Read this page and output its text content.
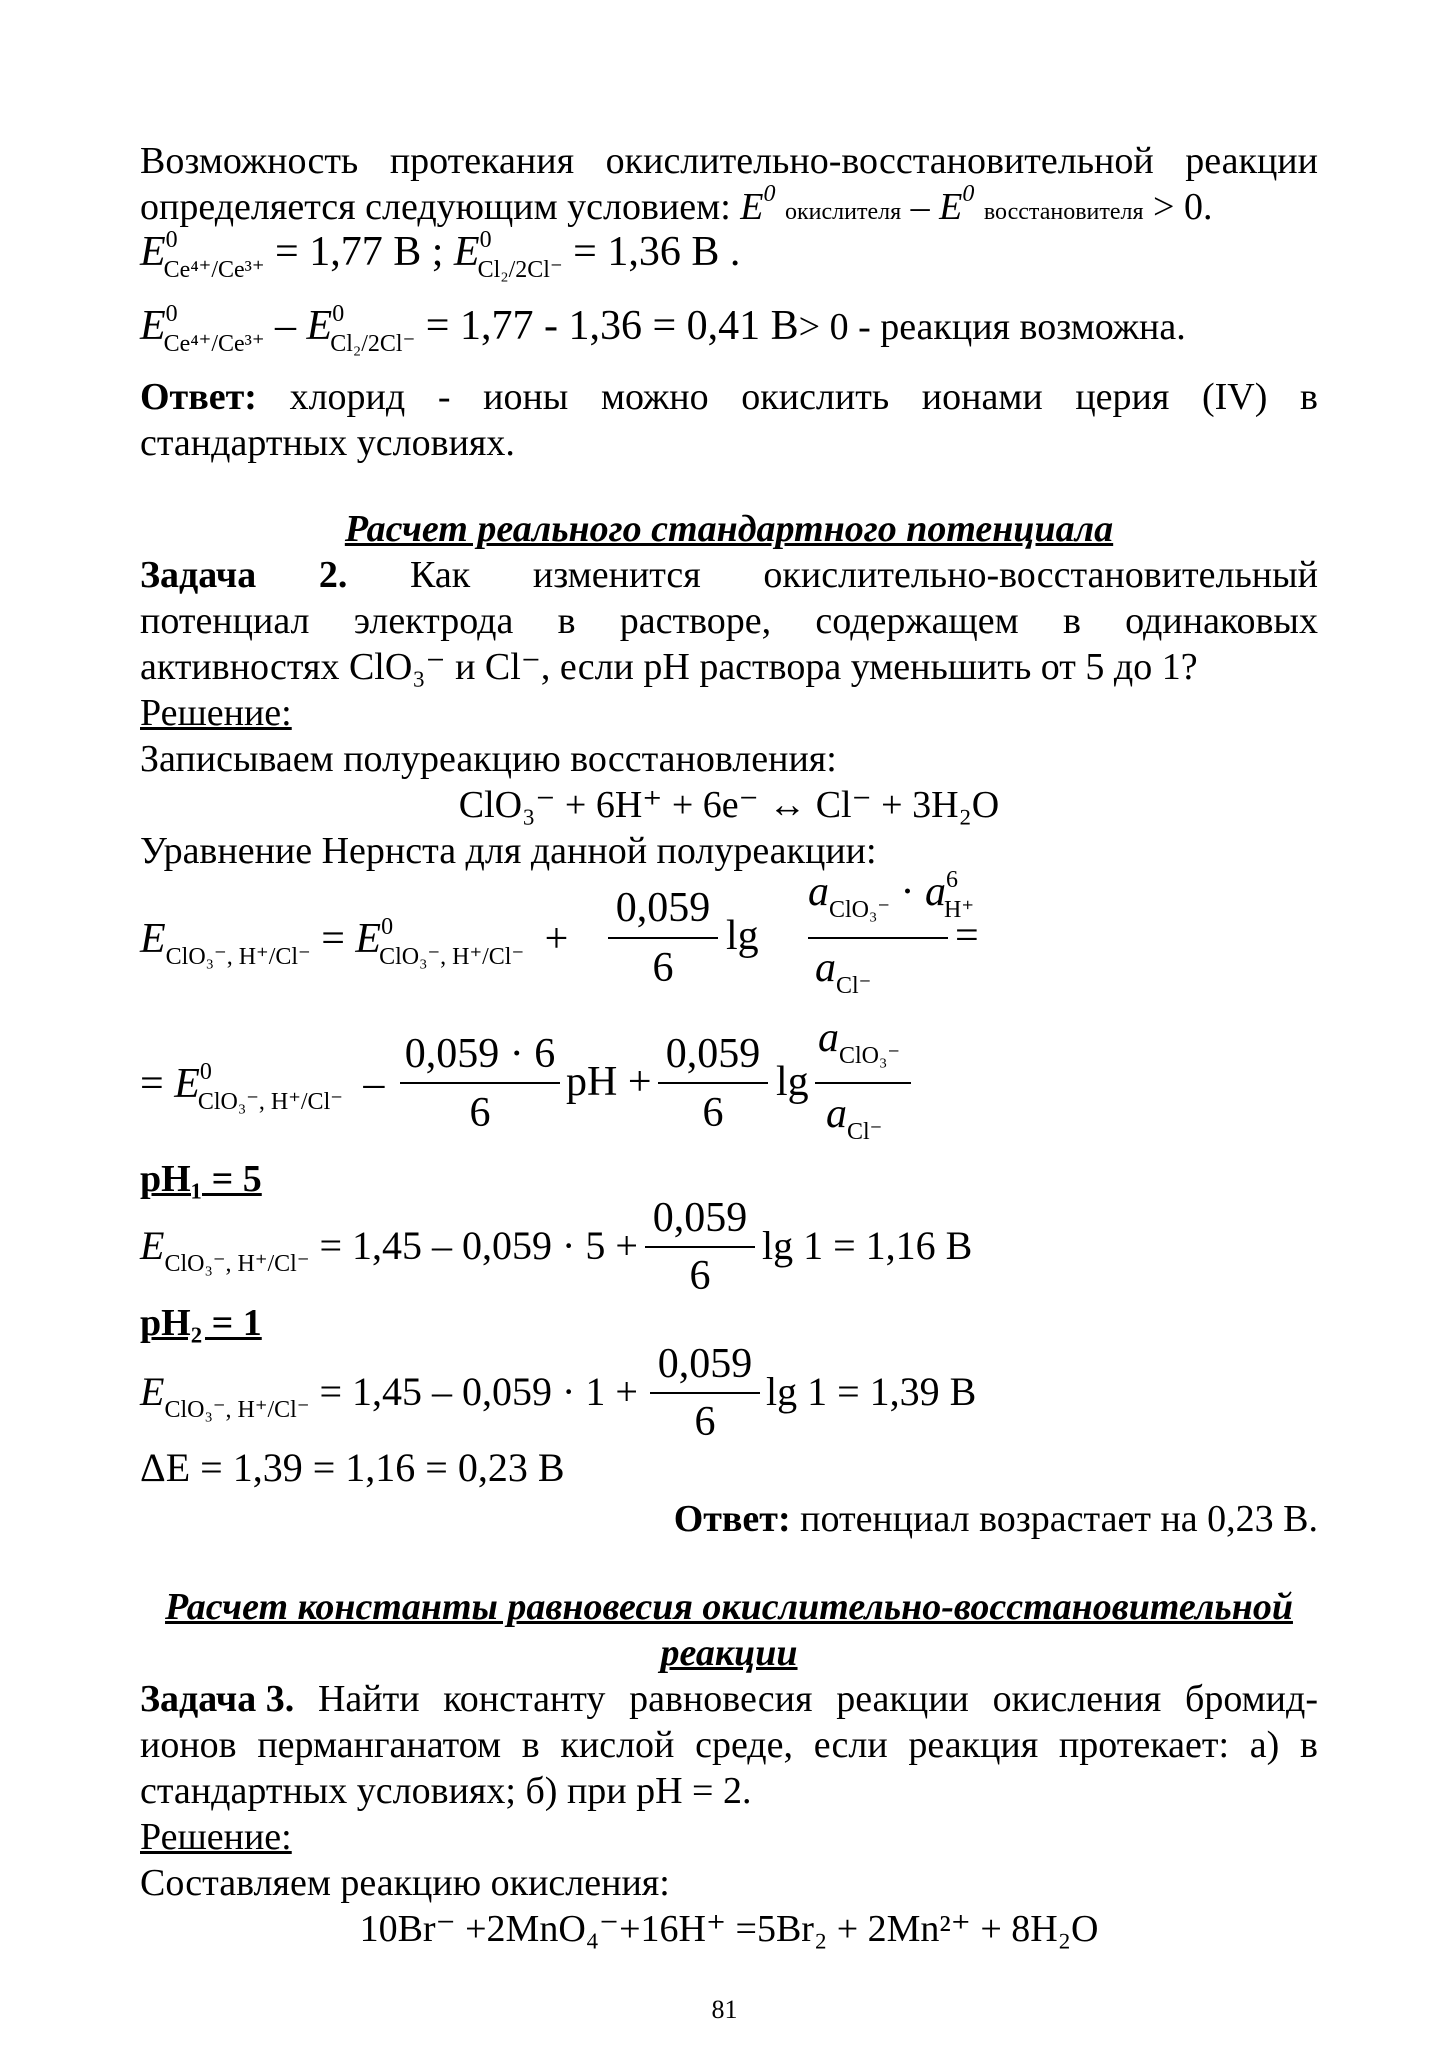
Возможность протекания окислительно-восстановительной реакции
определяется следующим условием: $E^0$ окислителя – $E^0$ восстановителя > 0.
$E^0_{Ce^{4+}/Ce^{3+}} = 1,77$ В ; $E^0_{Cl_2/2Cl^-} = 1,36$ В .
$E^0_{Ce^{4+}/Ce^{3+}} - E^0_{Cl_2/2Cl^-} = 1,77 - 1,36 = 0,41$ В> 0 - реакция возможна.
Ответ: хлорид - ионы можно окислить ионами церия (IV) в
стандартных условиях.
Расчет реального стандартного потенциала
Задача 2. Как изменится окислительно-восстановительный
потенциал электрода в растворе, содержащем в одинаковых
активностях ClO₃⁻ и Cl⁻, если pH раствора уменьшить от 5 до 1?
Решение:
Записываем полуреакцию восстановления:
ClO₃⁻ + 6H⁺ + 6e⁻ ↔ Cl⁻ + 3H₂O
Уравнение Нернста для данной полуреакции:
$E_{ClO_3^-, H^+/Cl^-} = E^0_{ClO_3^-, H^+/Cl^-}$ +
0,059
6
lg
$a_{ClO_3^-} \cdot a^6_{H^+}$
$a_{Cl^-}$
=
= $E^0_{ClO_3^-, H^+/Cl^-}$ –
0,059 · 6
6
pH +
0,059
6
lg
$a_{ClO_3^-}$
$a_{Cl^-}$
pH₁ = 5
$E_{ClO_3^-, H^+/Cl^-} = 1,45 - 0,059 \cdot 5$ +
0,059
6
lg 1 = 1,16 В
pH₂ = 1
$E_{ClO_3^-, H^+/Cl^-} = 1,45 - 0,059 \cdot 1$ +
0,059
6
lg 1 = 1,39 В
ΔE = 1,39 = 1,16 = 0,23 В
Ответ: потенциал возрастает на 0,23 В.
Расчет константы равновесия окислительно-восстановительной
реакции
Задача 3. Найти константу равновесия реакции окисления бромид-
ионов перманганатом в кислой среде, если реакция протекает: а) в
стандартных условиях; б) при pH = 2.
Решение:
Составляем реакцию окисления:
10Br⁻ +2MnO₄⁻+16H⁺ =5Br₂ + 2Mn²⁺ + 8H₂O
81
